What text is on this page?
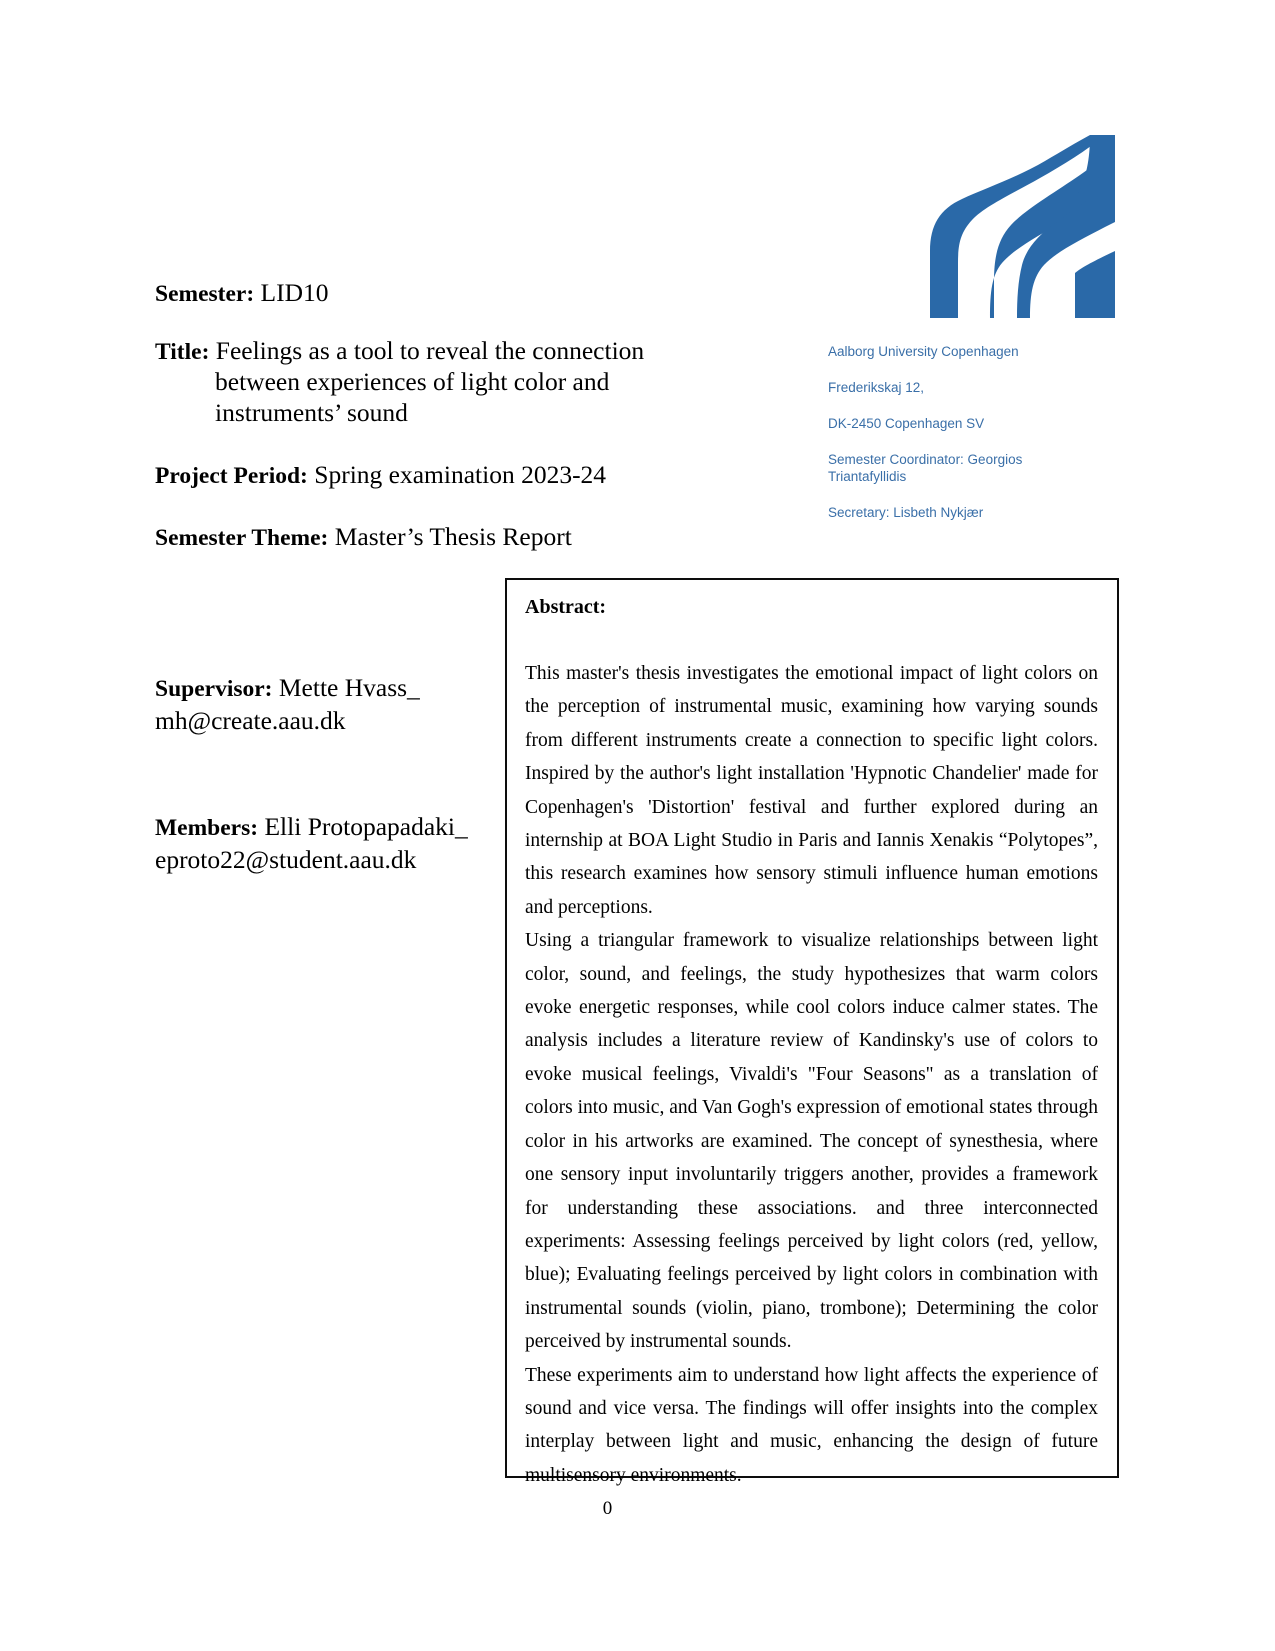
Semester: LID10
Title: Feelings as a tool to reveal the connection
between experiences of light color and
instruments’ sound
Project Period: Spring examination 2023-24
Semester Theme: Master’s Thesis Report
Supervisor: Mette Hvass_ mh@create.aau.dk
Members: Elli Protopapadaki_ eproto22@student.aau.dk
Aalborg University Copenhagen
Frederikskaj 12,
DK-2450 Copenhagen SV
Semester Coordinator: Georgios Triantafyllidis
Secretary: Lisbeth Nykjær
Abstract:

This master's thesis investigates the emotional impact of light colors on the perception of instrumental music, examining how varying sounds from different instruments create a connection to specific light colors. Inspired by the author's light installation 'Hypnotic Chandelier' made for Copenhagen's 'Distortion' festival and further explored during an internship at BOA Light Studio in Paris and Iannis Xenakis “Polytopes”, this research examines how sensory stimuli influence human emotions and perceptions.

Using a triangular framework to visualize relationships between light color, sound, and feelings, the study hypothesizes that warm colors evoke energetic responses, while cool colors induce calmer states. The analysis includes a literature review of Kandinsky's use of colors to evoke musical feelings, Vivaldi's "Four Seasons" as a translation of colors into music, and Van Gogh's expression of emotional states through color in his artworks are examined. The concept of synesthesia, where one sensory input involuntarily triggers another, provides a framework for understanding these associations. and three interconnected experiments: Assessing feelings perceived by light colors (red, yellow, blue); Evaluating feelings perceived by light colors in combination with instrumental sounds (violin, piano, trombone); Determining the color perceived by instrumental sounds.

These experiments aim to understand how light affects the experience of sound and vice versa. The findings will offer insights into the complex interplay between light and music, enhancing the design of future multisensory environments.

0
